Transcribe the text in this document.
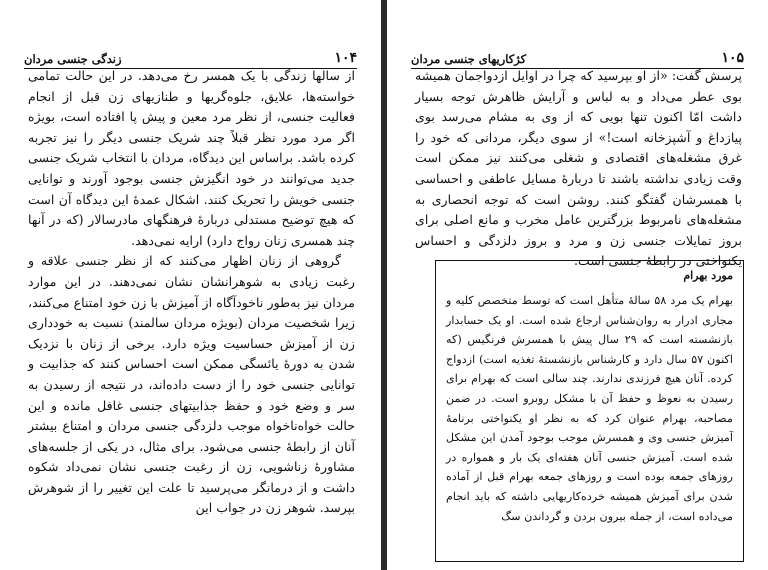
۱۰۴
زندگی جنسی مردان

از سالها زندگی با یک همسر رخ می‌دهد. در این حالت تمامی خواسته‌ها، علایق، جلوه‌گریها و طنازیهای زن قبل از انجام فعالیت جنسی، از نظر مرد معین و پیش پا افتاده است، بویژه اگر مرد مورد نظر قبلاً چند شریک جنسی دیگر را نیز تجربه کرده باشد. براساس این دیدگاه، مردان با انتخاب شریک جنسی جدید می‌توانند در خود انگیزش جنسی بوجود آورند و توانایی جنسی خویش را تحریک کنند. اشکال عمدهٔ این دیدگاه آن است که هیچ توضیح مستدلی دربارهٔ فرهنگهای مادرسالار (که در آنها چند همسری زنان رواج دارد) ارایه نمی‌دهد.

گروهی از زنان اظهار می‌کنند که از نظر جنسی علاقه و رغبت زیادی به شوهرانشان نشان نمی‌دهند. در این موارد مردان نیز به‌طور ناخودآگاه از آمیزش با زن خود امتناع می‌کنند، زیرا شخصیت مردان (بویژه مردان سالمند) نسبت به خودداری زن از آمیزش حساسیت ویژه دارد. برخی از زنان با نزدیک شدن به دورهٔ یائسگی ممکن است احساس کنند که جذابیت و توانایی جنسی خود را از دست داده‌اند، در نتیجه از رسیدن به سر و وضع خود و حفظ جذابیتهای جنسی غافل مانده و این حالت خواه‌ناخواه موجب دلزدگی جنسی مردان و امتناع بیشتر آنان از رابطهٔ جنسی می‌شود. برای مثال، در یکی از جلسه‌های مشاورهٔ زناشویی، زن از رغبت جنسی نشان نمی‌داد شکوه داشت و از درمانگر می‌پرسید تا علت این تغییر را از شوهرش بپرسد. شوهر زن در جواب این

۱۰۵
کژکاریهای جنسی مردان

پرسش گفت: «از او بپرسید که چرا در اوایل ازدواجمان همیشه بوی عطر می‌داد و به لباس و آرایش ظاهرش توجه بسیار داشت امّا اکنون تنها بویی که از وی به مشام می‌رسد بوی پیازداغ و آشپزخانه است!» از سوی دیگر، مردانی که خود را غرق مشغله‌های اقتصادی و شغلی می‌کنند نیز ممکن است وقت زیادی نداشته باشند تا دربارهٔ مسایل عاطفی و احساسی با همسرشان گفتگو کنند. روشن است که توجه انحصاری به مشغله‌های نامربوط بزرگترین عامل مخرب و مانع اصلی برای بروز تمایلات جنسی زن و مرد و بروز دلزدگی و احساس یکنواختی در رابطهٔ جنسی است.

مورد بهرام
بهرام یک مرد ۵۸ سالهٔ متأهل است که توسط متخصص کلیه و مجاری ادرار به روان‌شناس ارجاع شده است. او یک حسابدار بازنشسته است که ۲۹ سال پیش با همسرش فرنگیس (که اکنون ۵۷ سال دارد و کارشناس بازنشستهٔ تغذیه است) ازدواج کرده. آنان هیچ فرزندی ندارند. چند سالی است که بهرام برای رسیدن به نعوظ و حفظ آن با مشکل روبرو است. در ضمن مصاحبه، بهرام عنوان کرد که به نظر او یکنواختی برنامهٔ آمیزش جنسی وی و همسرش موجب بوجود آمدن این مشکل شده است. آمیزش جنسی آنان هفته‌ای یک بار و همواره در روزهای جمعه بوده است و روزهای جمعه بهرام قبل از آماده شدن برای آمیزش همیشه خرده‌کاریهایی داشته که باید انجام می‌داده است، از جمله بیرون بردن و گرداندن سگ
